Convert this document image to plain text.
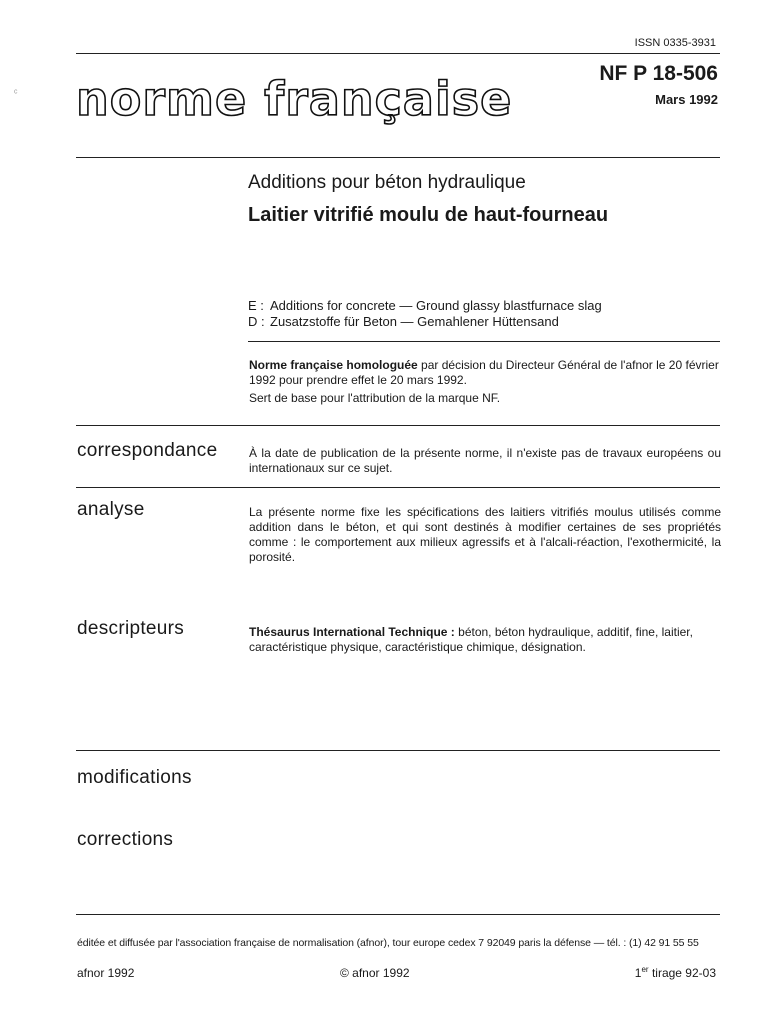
ISSN 0335-3931
ᶜ norme française	NF P 18-506
Mars 1992
Additions pour béton hydraulique
Laitier vitrifié moulu de haut-fourneau
E : Additions for concrete — Ground glassy blastfurnace slag
D : Zusatzstoffe für Beton — Gemahlener Hüttensand
Norme française homologuée par décision du Directeur Général de l'afnor le 20 février 1992 pour prendre effet le 20 mars 1992.
Sert de base pour l'attribution de la marque NF.
correspondance	À la date de publication de la présente norme, il n'existe pas de travaux européens ou internationaux sur ce sujet.
analyse	La présente norme fixe les spécifications des laitiers vitrifiés moulus utilisés comme addition dans le béton, et qui sont destinés à modifier certaines de ses propriétés comme : le comportement aux milieux agressifs et à l'alcali-réaction, l'exothermicité, la porosité.
descripteurs	Thésaurus International Technique : béton, béton hydraulique, additif, fine, laitier, caractéristique physique, caractéristique chimique, désignation.
modifications
corrections
éditée et diffusée par l'association française de normalisation (afnor), tour europe cedex 7 92049 paris la défense — tél. : (1) 42 91 55 55
afnor 1992	© afnor 1992	1er tirage 92-03
